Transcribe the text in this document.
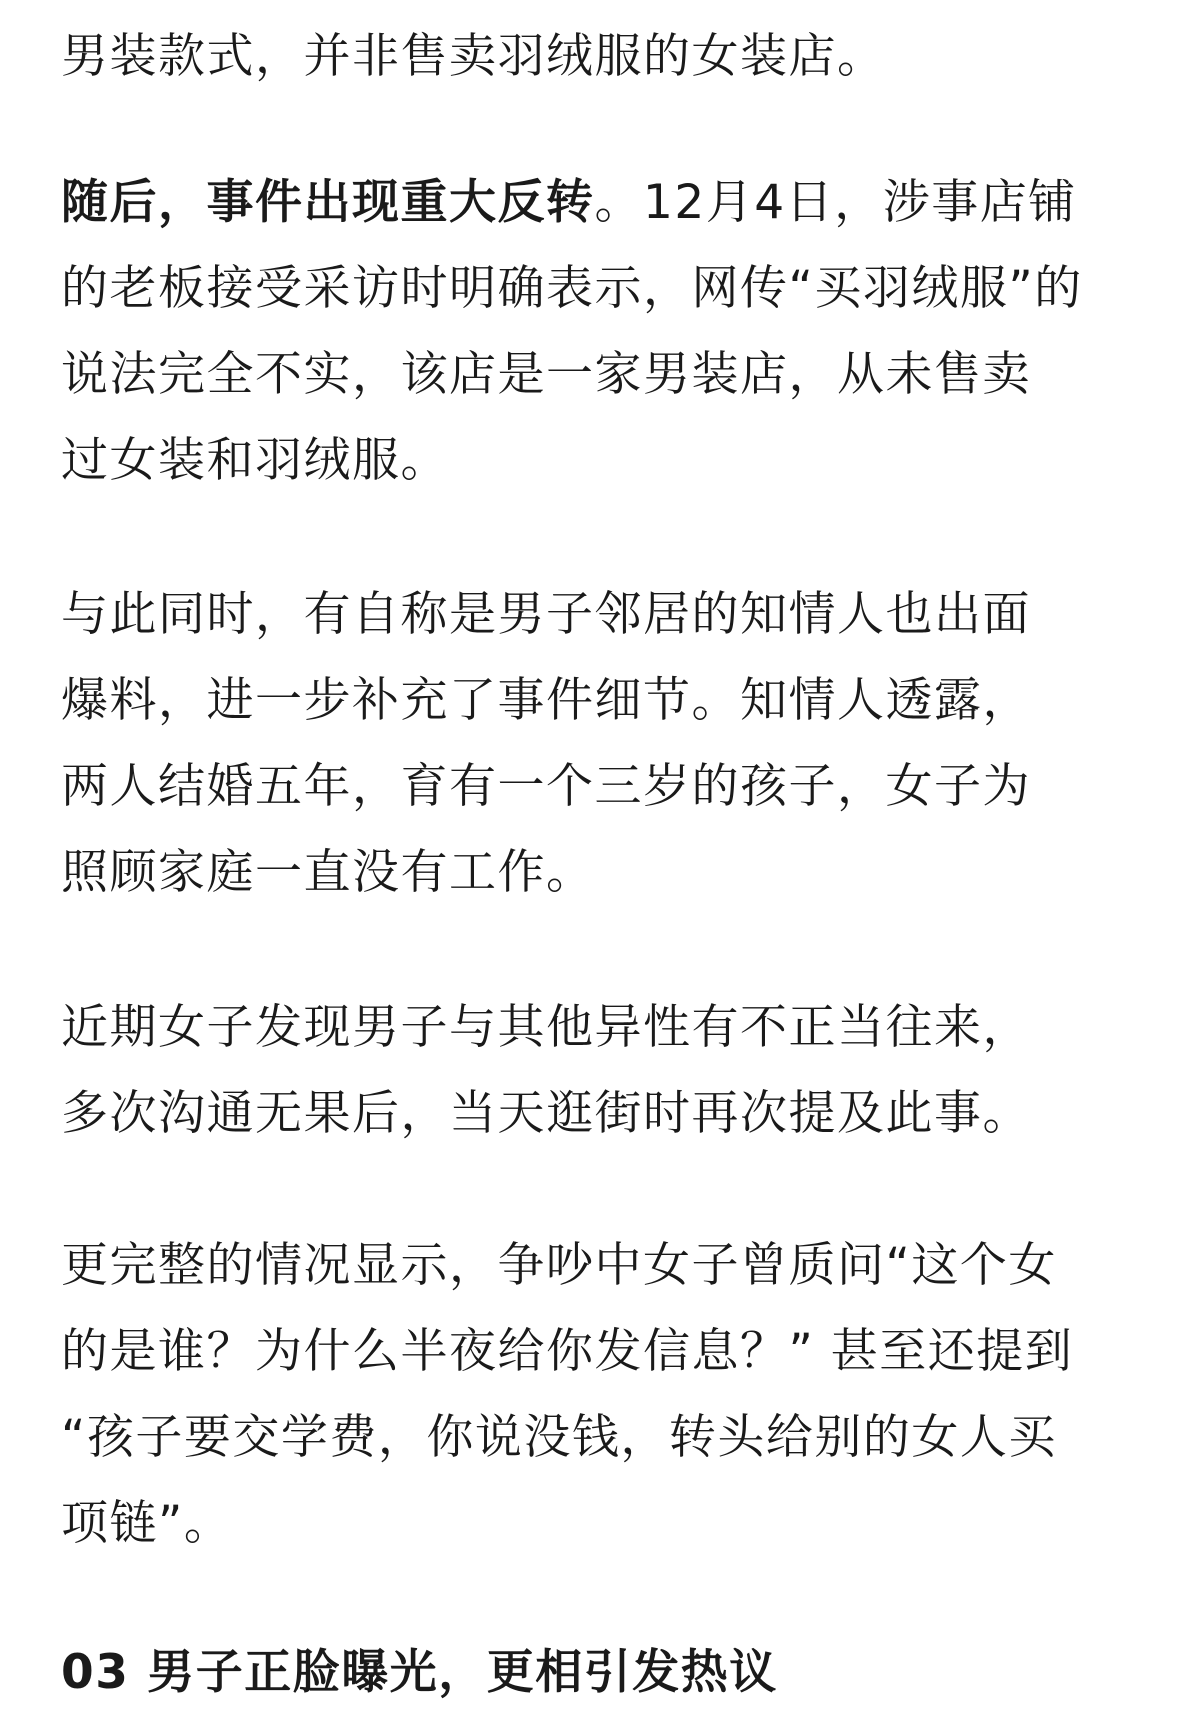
男装款式，并非售卖羽绒服的女装店。

随后，事件出现重大反转。12月4日，涉事店铺
的老板接受采访时明确表示，网传“买羽绒服”的
说法完全不实，该店是一家男装店，从未售卖
过女装和羽绒服。

与此同时，有自称是男子邻居的知情人也出面
爆料，进一步补充了事件细节。知情人透露，
两人结婚五年，育有一个三岁的孩子，女子为
照顾家庭一直没有工作。

近期女子发现男子与其他异性有不正当往来，
多次沟通无果后，当天逛街时再次提及此事。

更完整的情况显示，争吵中女子曾质问“这个女
的是谁？为什么半夜给你发信息？” 甚至还提到
“孩子要交学费，你说没钱，转头给别的女人买
项链”。

03 男子正脸曝光，更相引发热议
